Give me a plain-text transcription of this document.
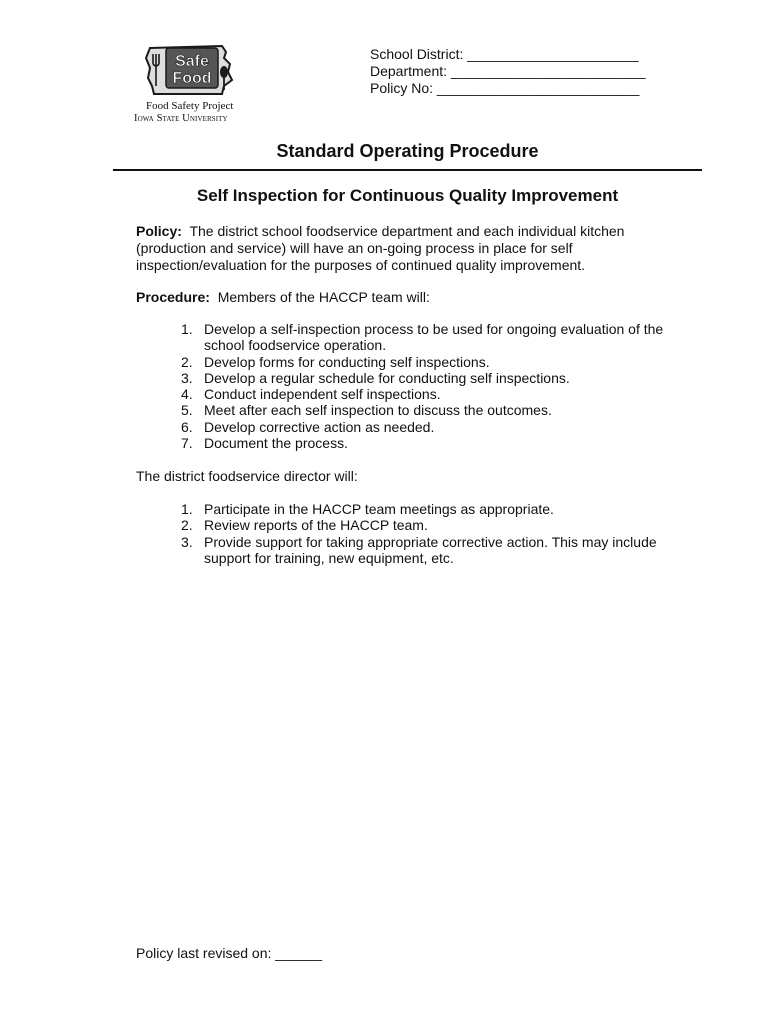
Safe
Food
Food Safety Project
Iowa State University
School District: ______________________
Department: _________________________
Policy No: __________________________
Standard Operating Procedure
Self Inspection for Continuous Quality Improvement
Policy: The district school foodservice department and each individual kitchen (production and service) will have an on-going process in place for self inspection/evaluation for the purposes of continued quality improvement.
Procedure: Members of the HACCP team will:
1. Develop a self-inspection process to be used for ongoing evaluation of the school foodservice operation.
2. Develop forms for conducting self inspections.
3. Develop a regular schedule for conducting self inspections.
4. Conduct independent self inspections.
5. Meet after each self inspection to discuss the outcomes.
6. Develop corrective action as needed.
7. Document the process.
The district foodservice director will:
1. Participate in the HACCP team meetings as appropriate.
2. Review reports of the HACCP team.
3. Provide support for taking appropriate corrective action. This may include support for training, new equipment, etc.
Policy last revised on: ______
